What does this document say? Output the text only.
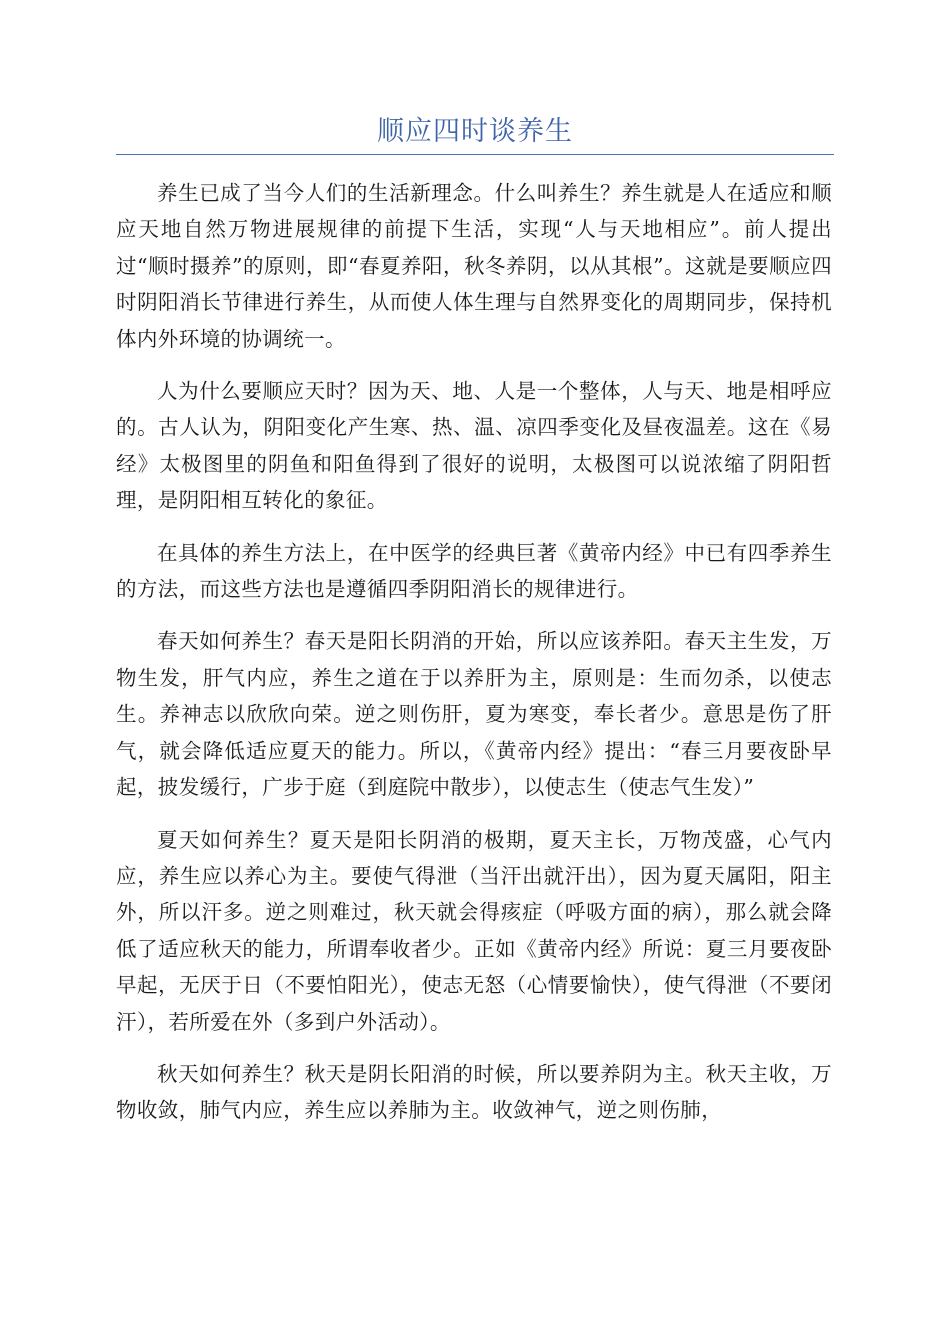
顺应四时谈养生

养生已成了当今人们的生活新理念。什么叫养生？养生就是人在适应和顺应天地自然万物进展规律的前提下生活，实现“人与天地相应”。前人提出过“顺时摄养”的原则，即“春夏养阳，秋冬养阴，以从其根”。这就是要顺应四时阴阳消长节律进行养生，从而使人体生理与自然界变化的周期同步，保持机体内外环境的协调统一。

人为什么要顺应天时？因为天、地、人是一个整体，人与天、地是相呼应的。古人认为，阴阳变化产生寒、热、温、凉四季变化及昼夜温差。这在《易经》太极图里的阴鱼和阳鱼得到了很好的说明，太极图可以说浓缩了阴阳哲理，是阴阳相互转化的象征。

在具体的养生方法上，在中医学的经典巨著《黄帝内经》中已有四季养生的方法，而这些方法也是遵循四季阴阳消长的规律进行。

春天如何养生？春天是阳长阴消的开始，所以应该养阳。春天主生发，万物生发，肝气内应，养生之道在于以养肝为主，原则是：生而勿杀，以使志生。养神志以欣欣向荣。逆之则伤肝，夏为寒变，奉长者少。意思是伤了肝气，就会降低适应夏天的能力。所以，《黄帝内经》提出：“春三月要夜卧早起，披发缓行，广步于庭（到庭院中散步），以使志生（使志气生发）”

夏天如何养生？夏天是阳长阴消的极期，夏天主长，万物茂盛，心气内应，养生应以养心为主。要使气得泄（当汗出就汗出），因为夏天属阳，阳主外，所以汗多。逆之则难过，秋天就会得痎症（呼吸方面的病），那么就会降低了适应秋天的能力，所谓奉收者少。正如《黄帝内经》所说：夏三月要夜卧早起，无厌于日（不要怕阳光），使志无怒（心情要愉快），使气得泄（不要闭汗），若所爱在外（多到户外活动）。

秋天如何养生？秋天是阴长阳消的时候，所以要养阴为主。秋天主收，万物收敛，肺气内应，养生应以养肺为主。收敛神气，逆之则伤肺，
